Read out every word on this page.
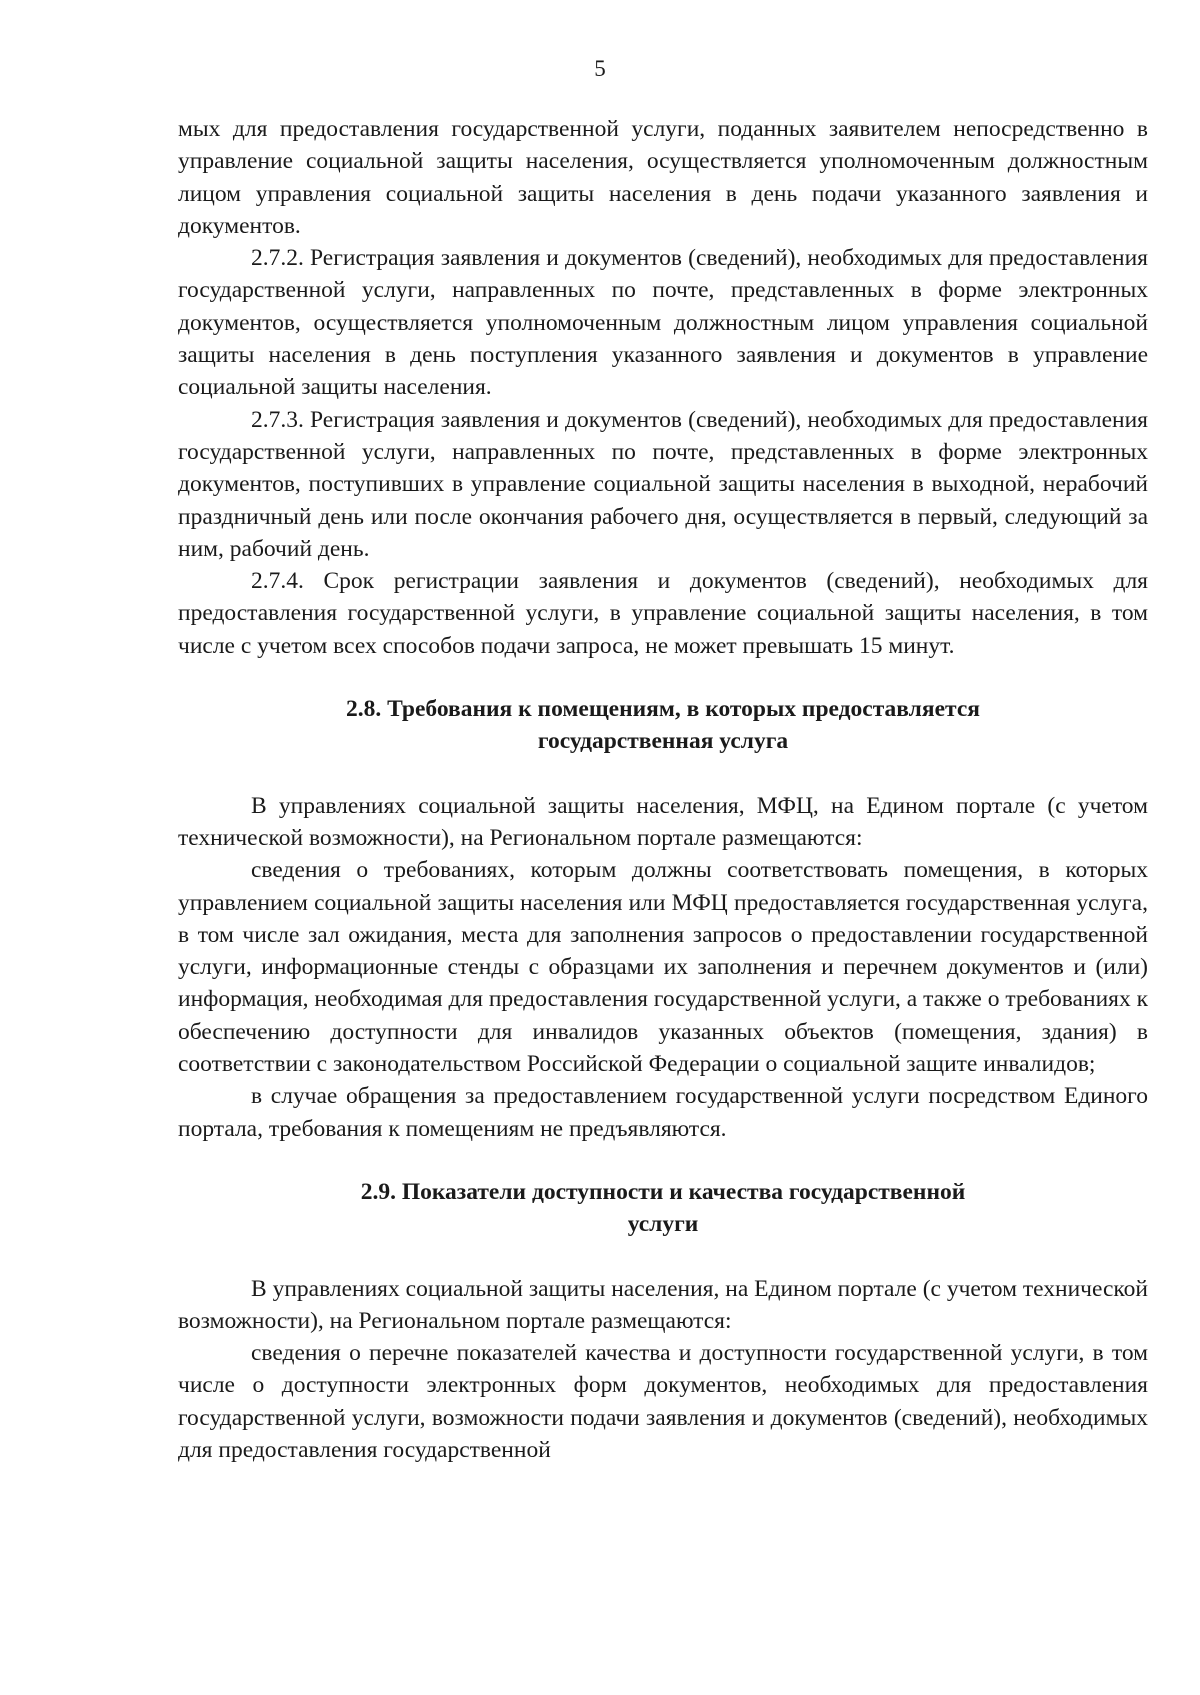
5

мых для предоставления государственной услуги, поданных заявителем непосредственно в управление социальной защиты населения, осуществляется уполномоченным должностным лицом управления социальной защиты населения в день подачи указанного заявления и документов.

2.7.2. Регистрация заявления и документов (сведений), необходимых для предоставления государственной услуги, направленных по почте, представленных в форме электронных документов, осуществляется уполномоченным должностным лицом управления социальной защиты населения в день поступления указанного заявления и документов в управление социальной защиты населения.

2.7.3. Регистрация заявления и документов (сведений), необходимых для предоставления государственной услуги, направленных по почте, представленных в форме электронных документов, поступивших в управление социальной защиты населения в выходной, нерабочий праздничный день или после окончания рабочего дня, осуществляется в первый, следующий за ним, рабочий день.

2.7.4. Срок регистрации заявления и документов (сведений), необходимых для предоставления государственной услуги, в управление социальной защиты населения, в том числе с учетом всех способов подачи запроса, не может превышать 15 минут.

2.8. Требования к помещениям, в которых предоставляется
государственная услуга

В управлениях социальной защиты населения, МФЦ, на Едином портале (с учетом технической возможности), на Региональном портале размещаются:

сведения о требованиях, которым должны соответствовать помещения, в которых управлением социальной защиты населения или МФЦ предоставляется государственная услуга, в том числе зал ожидания, места для заполнения запросов о предоставлении государственной услуги, информационные стенды с образцами их заполнения и перечнем документов и (или) информация, необходимая для предоставления государственной услуги, а также о требованиях к обеспечению доступности для инвалидов указанных объектов (помещения, здания) в соответствии с законодательством Российской Федерации о социальной защите инвалидов;

в случае обращения за предоставлением государственной услуги посредством Единого портала, требования к помещениям не предъявляются.

2.9. Показатели доступности и качества государственной
услуги

В управлениях социальной защиты населения, на Едином портале (с учетом технической возможности), на Региональном портале размещаются:

сведения о перечне показателей качества и доступности государственной услуги, в том числе о доступности электронных форм документов, необходимых для предоставления государственной услуги, возможности подачи заявления и документов (сведений), необходимых для предоставления государственной
